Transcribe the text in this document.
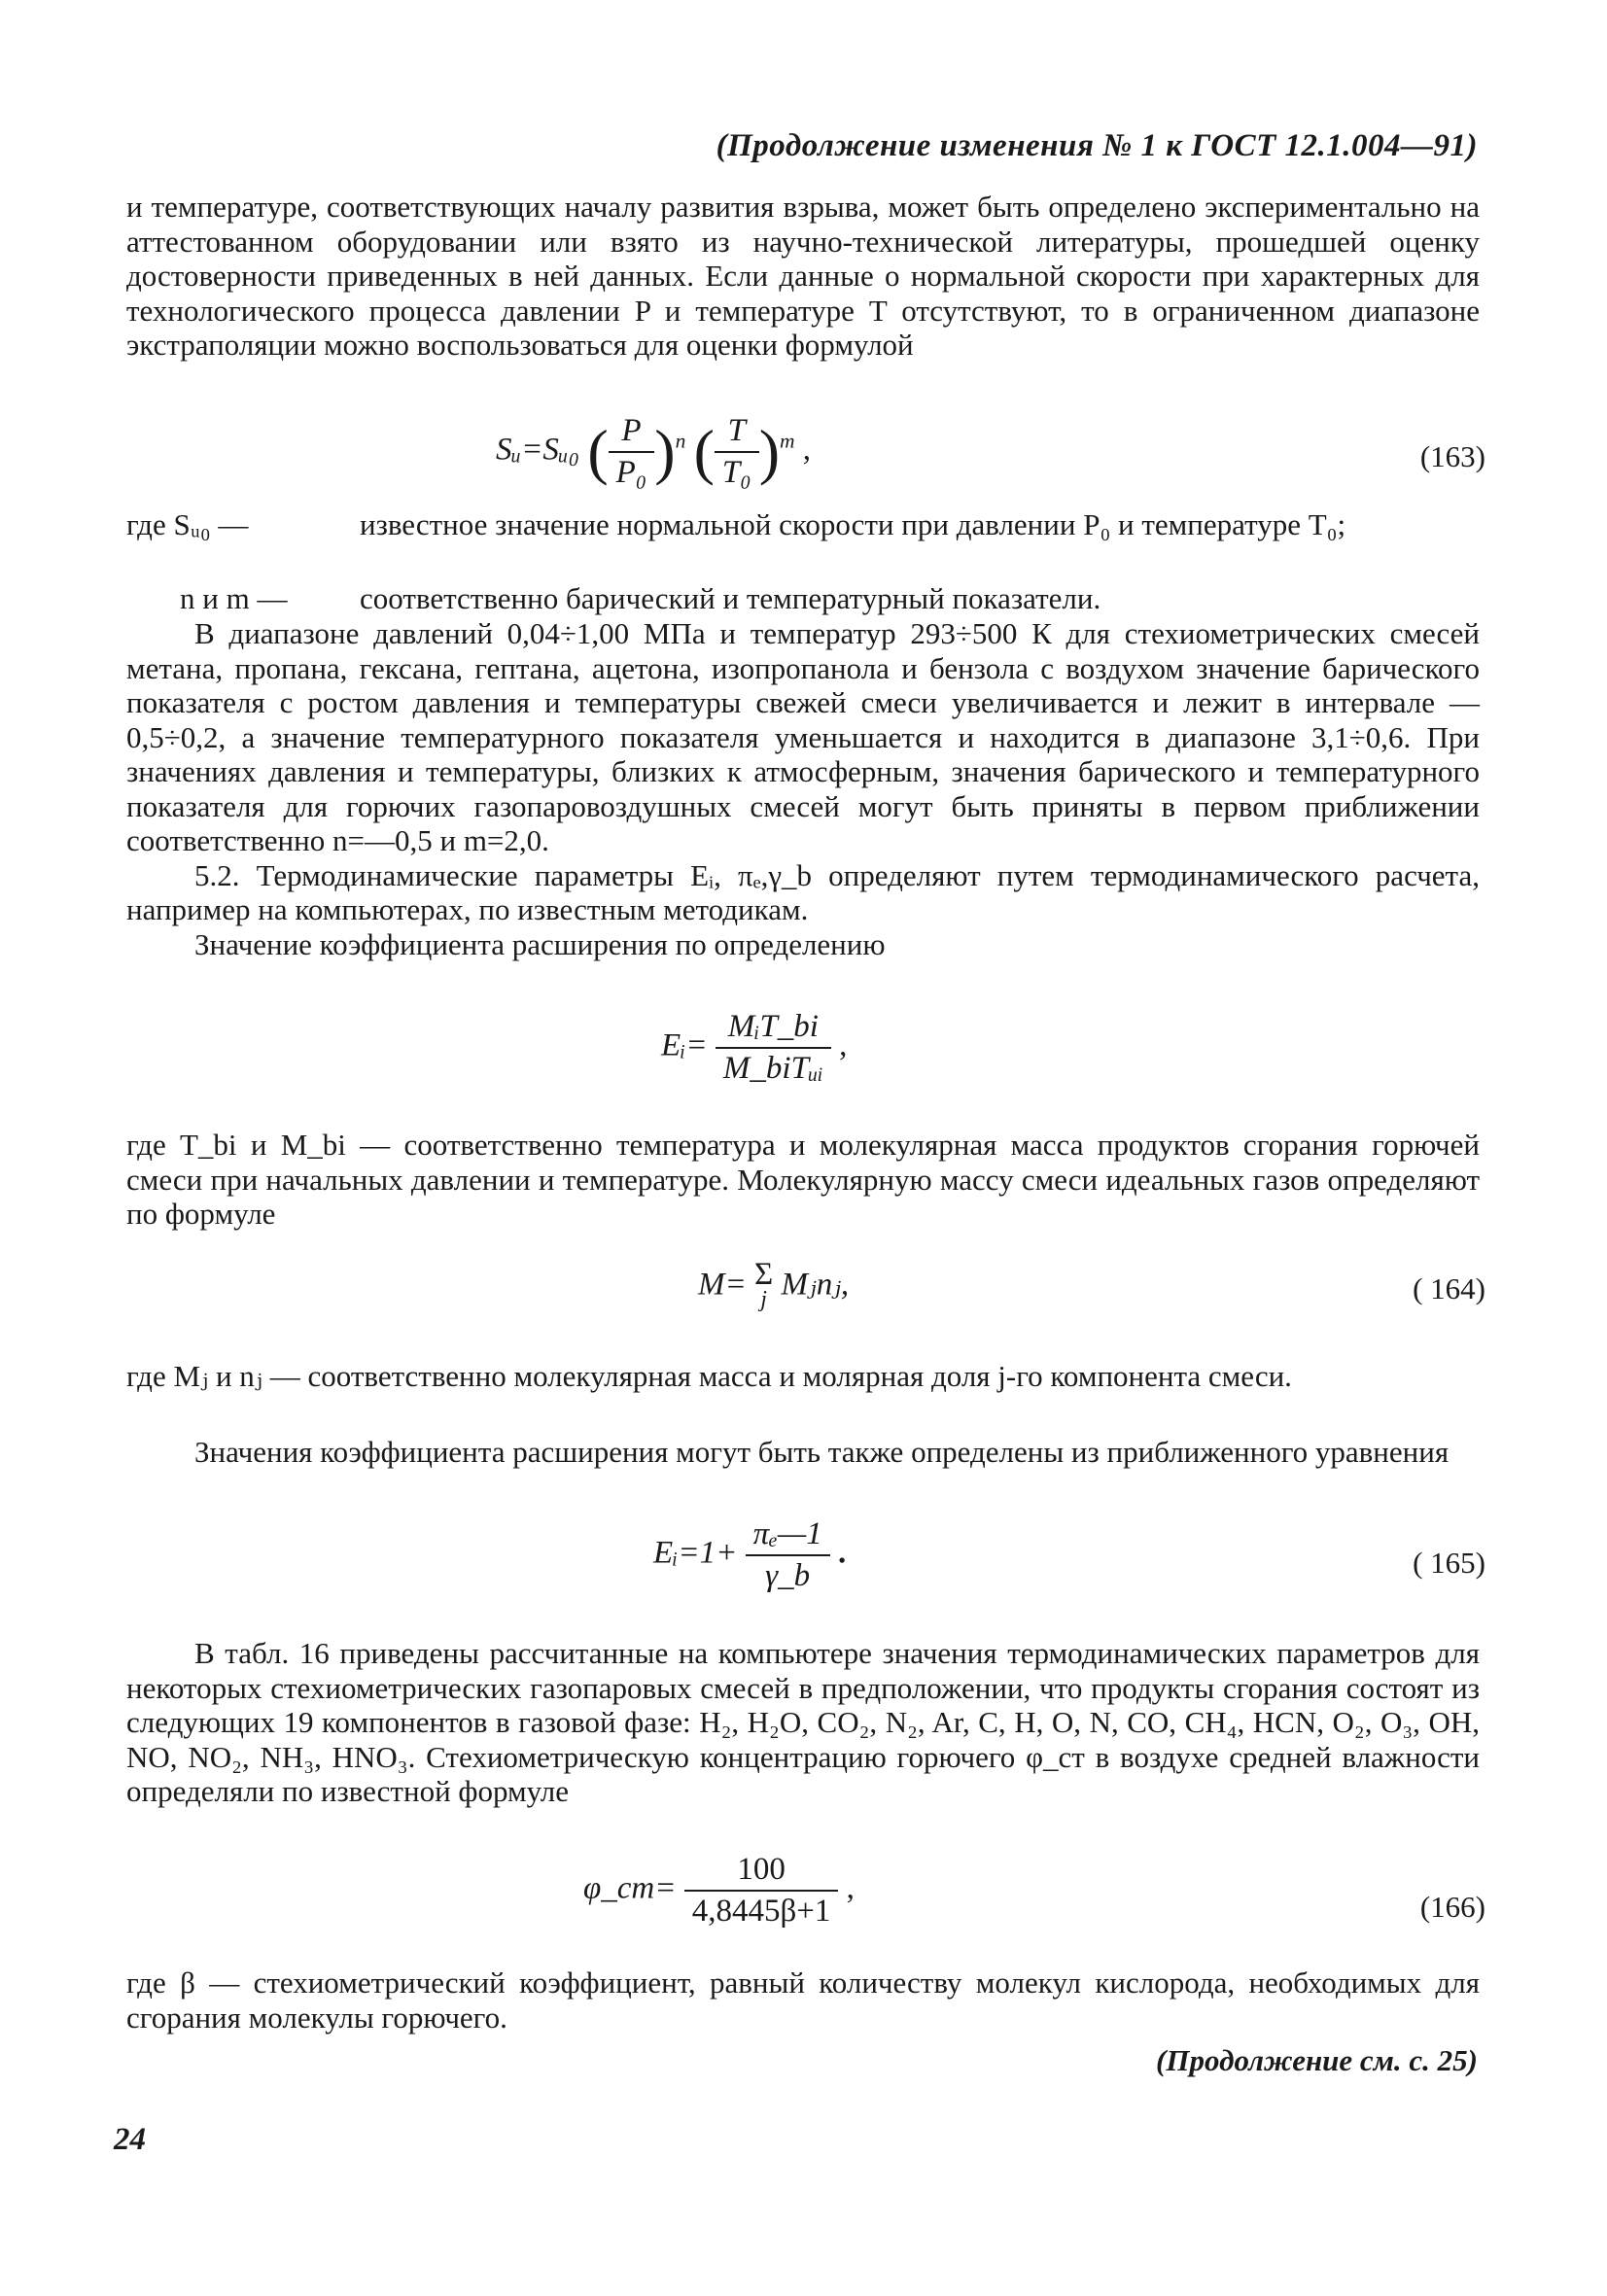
(Продолжение изменения № 1 к ГОСТ 12.1.004—91)

и температуре, соответствующих началу развития взрыва, может быть определено экспериментально на аттестованном оборудовании или взято из научно-технической литературы, прошедшей оценку достоверности приведенных в ней данных. Если данные о нормальной скорости при характерных для технологического процесса давлении P и температуре T отсутствуют, то в ограниченном диапазоне экстраполяции можно воспользоваться для оценки формулой

Sᵤ=Sᵤ₀ ( $\frac{P}{\text{P₀}} )^n$ ( $\frac{T}{\text{T₀}} )^m$ ,	(163)
где Sᵤ₀ —	известное значение нормальной скорости при давлении P₀ и температуре T₀;
n и m — соответственно барический и температурный показатели.

В диапазоне давлений 0,04÷1,00 МПа и температур 293÷500 К для стехиометрических смесей метана, пропана, гексана, гептана, ацетона, изопропанола и бензола с воздухом значение барического показателя с ростом давления и температуры свежей смеси увеличивается и лежит в интервале —0,5÷0,2, а значение температурного показателя уменьшается и находится в диапазоне 3,1÷0,6. При значениях давления и температуры, близких к атмосферным, значения барического и температурного показателя для горючих газопаровоздушных смесей могут быть приняты в первом приближении соответственно n=—0,5 и m=2,0.

5.2. Термодинамические параметры Eᵢ, πₑ,γ_b определяют путем термодинамического расчета, например на компьютерах, по известным методикам.

Значение коэффициента расширения по определению

Eᵢ= $\frac{\text{MᵢT\_bi}}{\text{M\_biTᵤᵢ}}$ ,

где T_bi и M_bi — соответственно температура и молекулярная масса продуктов сгорания горючей смеси при начальных давлении и температуре. Молекулярную массу смеси идеальных газов определяют по формуле

M= Σ
j Mⱼnⱼ,	( 164)

где Mⱼ и nⱼ — соответственно молекулярная масса и молярная доля j-го компонента смеси.

Значения коэффициента расширения могут быть также определены из приближенного уравнения

Eᵢ=1+ $\frac{\text{πₑ—1}}{\gamma\_b}$ .	( 165)

В табл. 16 приведены рассчитанные на компьютере значения термодинамических параметров для некоторых стехиометрических газопаровых смесей в предположении, что продукты сгорания состоят из следующих 19 компонентов в газовой фазе: H₂, H₂O, CO₂, N₂, Ar, C, H, O, N, CO, CH₄, HCN, O₂, O₃, OH, NO, NO₂, NH₃, HNO₃. Стехиометрическую концентрацию горючего φ_ст в воздухе средней влажности определяли по известной формуле

φ_ст= $\frac{100}{4,8445\beta+1}$ ,
(166)

где β — стехиометрический коэффициент, равный количеству молекул кислорода, необходимых для сгорания молекулы горючего.

(Продолжение см. с. 25)
24
